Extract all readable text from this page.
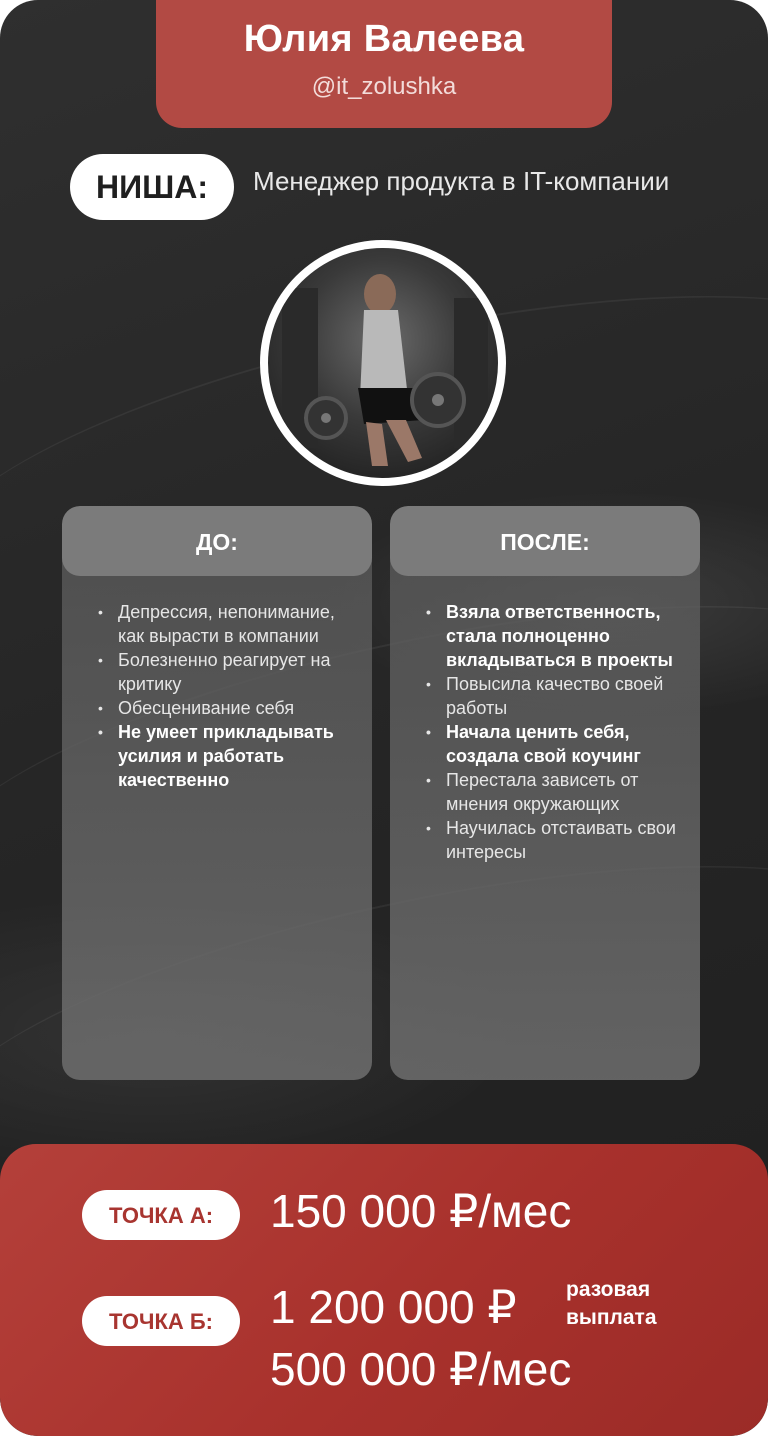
Юлия Валеева
@it_zolushka
НИША:	Менеджер продукта в IT-компании
ДО:
• Депрессия, непонимание, как вырасти в компании
• Болезненно реагирует на критику
• Обесценивание себя
• Не умеет прикладывать усилия и работать качественно
ПОСЛЕ:
• Взяла ответственность, стала полноценно вкладываться в проекты
• Повысила качество своей работы
• Начала ценить себя, создала свой коучинг
• Перестала зависеть от мнения окружающих
• Научилась отстаивать свои интересы
ТОЧКА А:	150 000 ₽/мес
ТОЧКА Б:	1 200 000 ₽ разовая
выплата
500 000 ₽/мес
